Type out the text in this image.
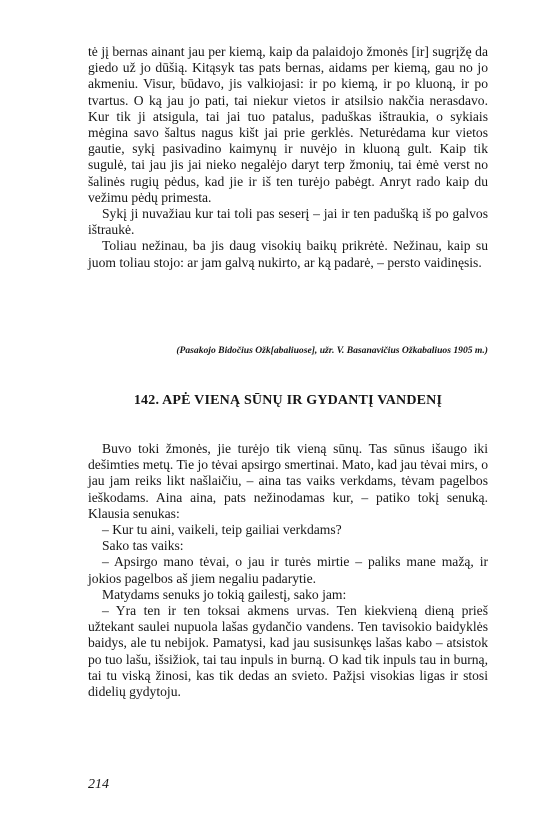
tė jį bernas ainant jau per kiemą, kaip da palaidojo žmonės [ir] sugrįžę da giedo už jo dūšią. Kitąsyk tas pats bernas, aidams per kiemą, gau no jo akmeniu. Visur, būdavo, jis valkiojasi: ir po kiemą, ir po kluoną, ir po tvartus. O ką jau jo pati, tai niekur vietos ir atsilsio nakčia nerasdavo. Kur tik ji atsigula, tai jai tuo patalus, paduškas ištraukia, o sykiais mėgina savo šaltus nagus kišt jai prie gerklės. Neturėdama kur vietos gautie, sykį pasivadino kaimynų ir nuvėjo in kluoną gult. Kaip tik sugulė, tai jau jis jai nieko negalėjo daryt terp žmonių, tai ėmė verst no šalinės rugių pėdus, kad jie ir iš ten turėjo pabėgt. Anryt rado kaip du vežimu pėdų primesta.

Sykį ji nuvažiau kur tai toli pas seserį – jai ir ten padušką iš po galvos ištraukė.

Toliau nežinau, ba jis daug visokių baikų prikrėtė. Nežinau, kaip su juom toliau stojo: ar jam galvą nukirto, ar ką padarė, – persto vaidinęsis.

(Pasakojo Bidočius Ožk[abaliuose], užr. V. Basanavičius Ožkabaliuos 1905 m.)

142. APĖ VIENĄ SŪNŲ IR GYDANTĮ VANDENĮ

Buvo toki žmonės, jie turėjo tik vieną sūnų. Tas sūnus išaugo iki dešimties metų. Tie jo tėvai apsirgo smertinai. Mato, kad jau tėvai mirs, o jau jam reiks likt našlaičiu, – aina tas vaiks verkdams, tėvam pagelbos ieškodams. Aina aina, pats nežinodamas kur, – patiko tokį senuką. Klausia senukas:

– Kur tu aini, vaikeli, teip gailiai verkdams?

Sako tas vaiks:

– Apsirgo mano tėvai, o jau ir turės mirtie – paliks mane mažą, ir jokios pagelbos aš jiem negaliu padarytie.

Matydams senuks jo tokią gailestį, sako jam:

– Yra ten ir ten toksai akmens urvas. Ten kiekvieną dieną prieš užtekant saulei nupuola lašas gydančio vandens. Ten tavisokio baidyklės baidys, ale tu nebijok. Pamatysi, kad jau susisunkęs lašas kabo – atsistok po tuo lašu, išsižiok, tai tau inpuls in burną. O kad tik inpuls tau in burną, tai tu viską žinosi, kas tik dedas an svieto. Pažįsi visokias ligas ir stosi didelių gydytoju.

214
